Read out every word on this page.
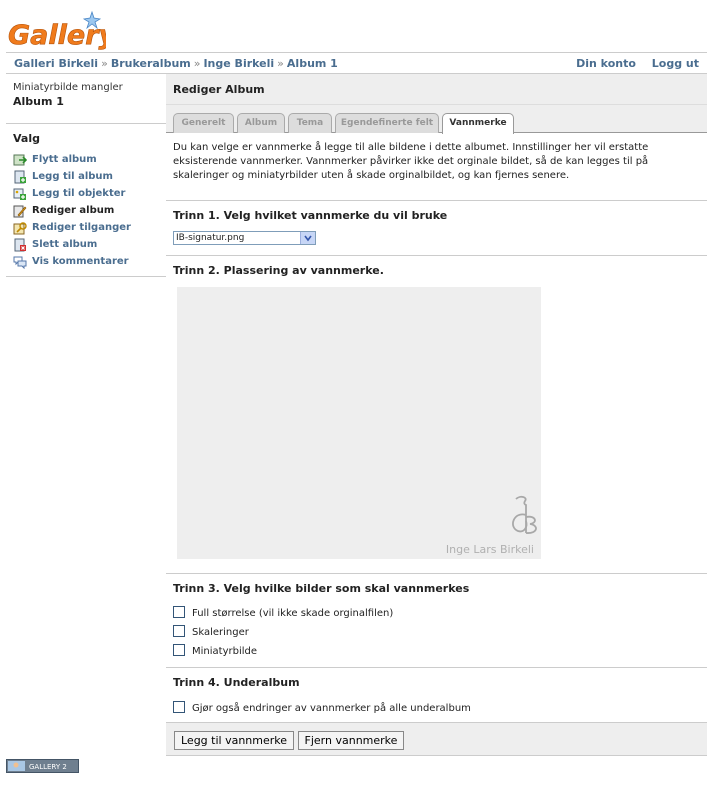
Gallery
Galleri Birkeli » Brukeralbum » Inge Birkeli » Album 1	Din konto Logg ut
Miniatyrbilde mangler
Album 1
Valg
Flytt album
Legg til album
Legg til objekter
Rediger album
Rediger tilganger
Slett album
Vis kommentarer
Rediger Album
Generelt	Album	Tema	Egendefinerte felt	Vannmerke
Du kan velge er vannmerke å legge til alle bildene i dette albumet. Innstillinger her vil erstatte eksisterende vannmerker. Vannmerker påvirker ikke det orginale bildet, så de kan legges til på skaleringer og miniatyrbilder uten å skade orginalbildet, og kan fjernes senere.
Trinn 1. Velg hvilket vannmerke du vil bruke
IB-signatur.png
Trinn 2. Plassering av vannmerke.
Inge Lars Birkeli
Trinn 3. Velg hvilke bilder som skal vannmerkes
Full størrelse (vil ikke skade orginalfilen)
Skaleringer
Miniatyrbilde
Trinn 4. Underalbum
Gjør også endringer av vannmerker på alle underalbum
Legg til vannmerke Fjern vannmerke
GALLERY 2
